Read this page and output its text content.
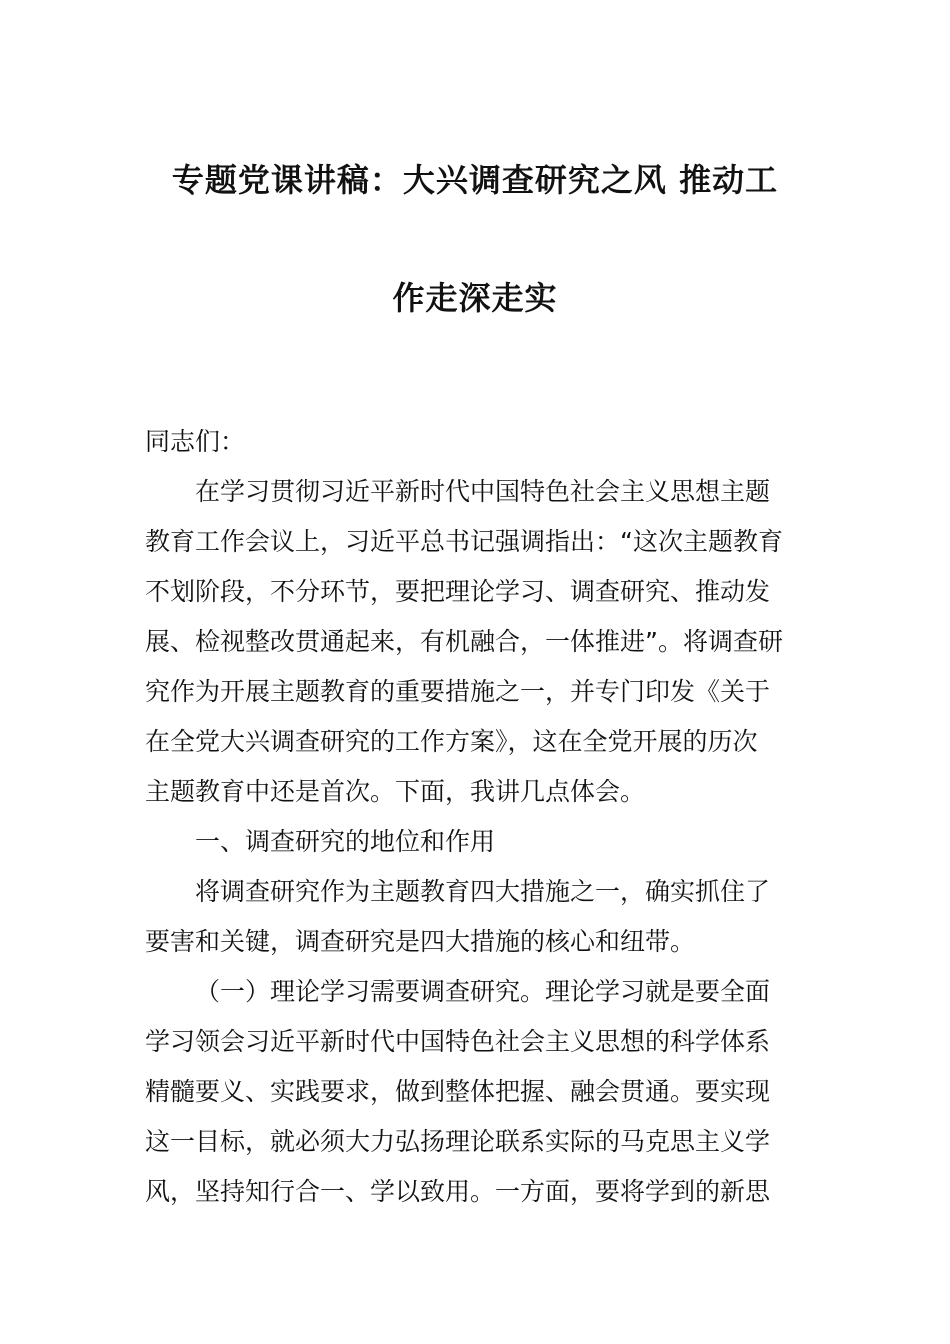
专题党课讲稿：大兴调查研究之风 推动工
作走深走实
同志们：
在学习贯彻习近平新时代中国特色社会主义思想主题
教育工作会议上，习近平总书记强调指出：“这次主题教育
不划阶段，不分环节，要把理论学习、调查研究、推动发
展、检视整改贯通起来，有机融合，一体推进”。将调查研
究作为开展主题教育的重要措施之一，并专门印发《关于
在全党大兴调查研究的工作方案》，这在全党开展的历次
主题教育中还是首次。下面，我讲几点体会。
一、调查研究的地位和作用
将调查研究作为主题教育四大措施之一，确实抓住了
要害和关键，调查研究是四大措施的核心和纽带。
（一）理论学习需要调查研究。理论学习就是要全面
学习领会习近平新时代中国特色社会主义思想的科学体系
精髓要义、实践要求，做到整体把握、融会贯通。要实现
这一目标，就必须大力弘扬理论联系实际的马克思主义学
风，坚持知行合一、学以致用。一方面，要将学到的新思
